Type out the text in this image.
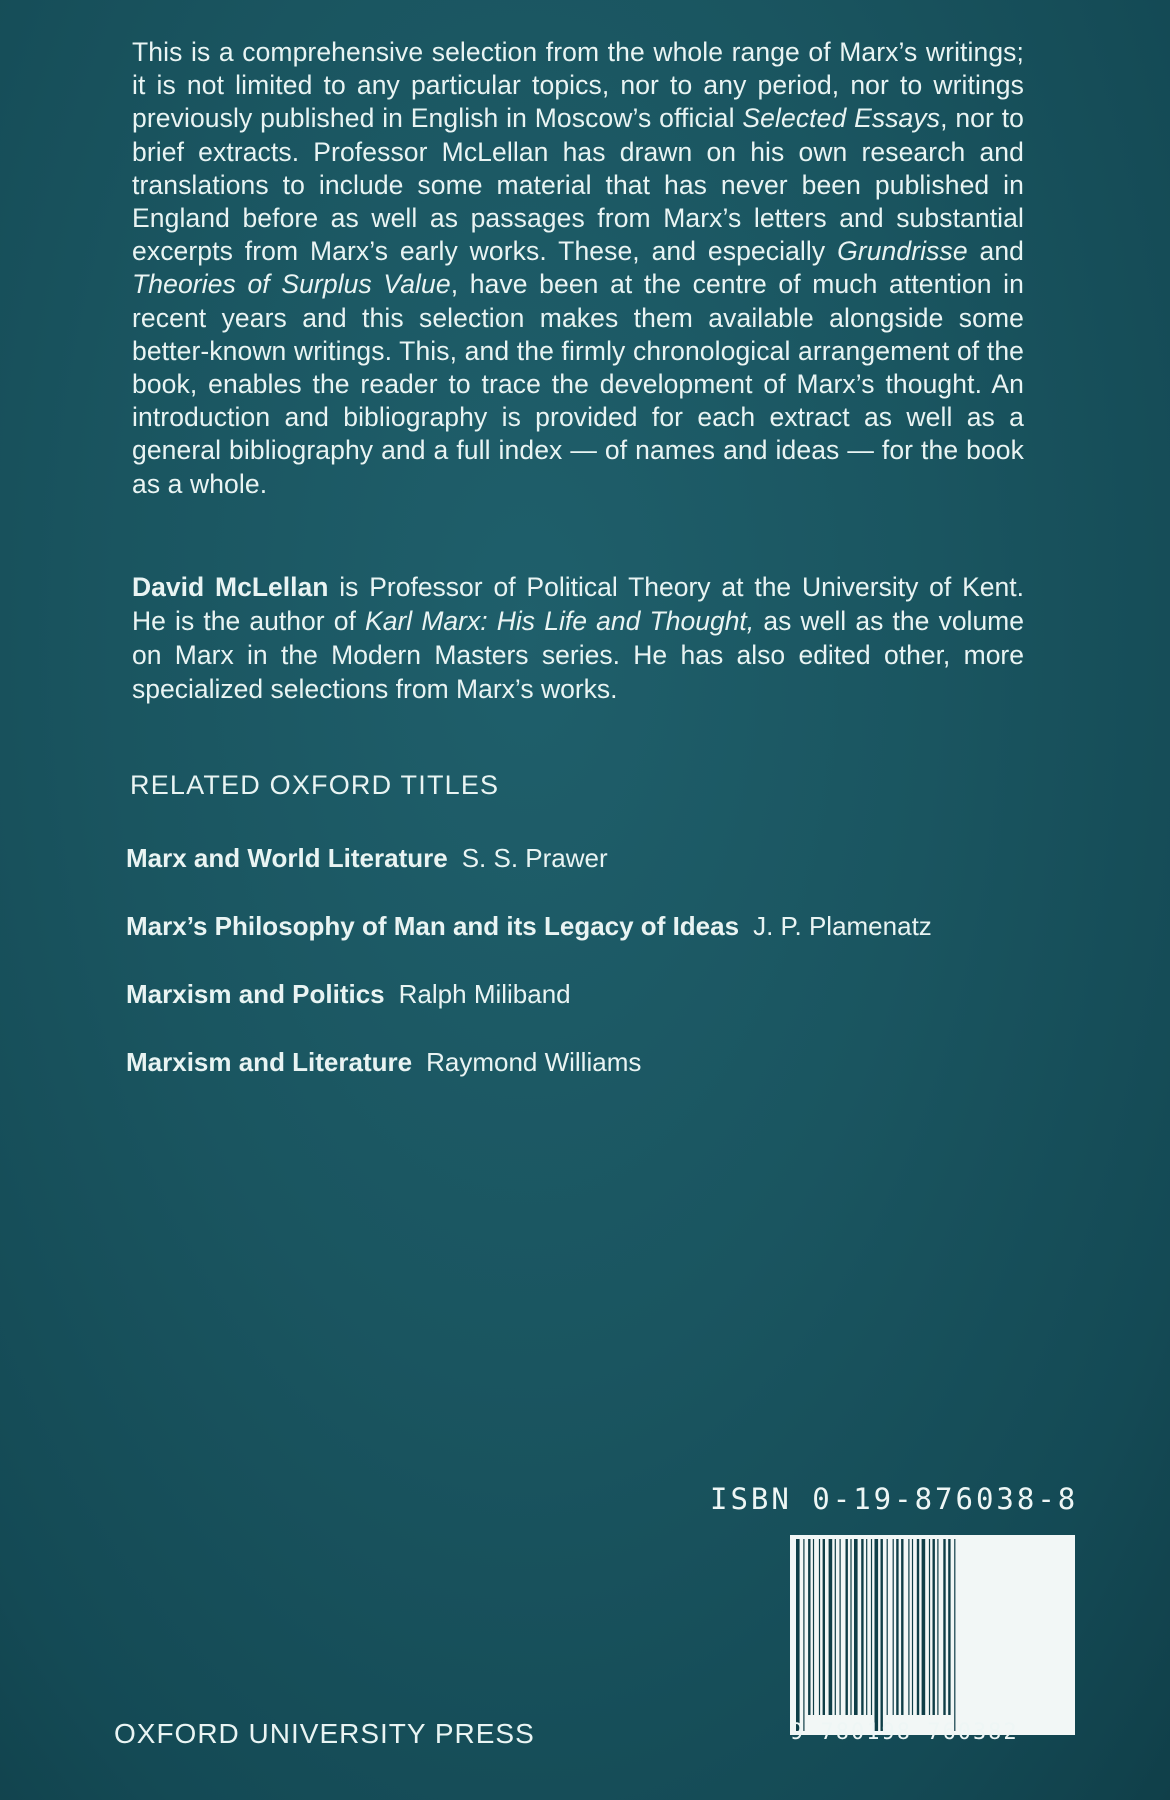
This is a comprehensive selection from the whole range of Marx’s writings; it is not limited to any particular topics, nor to any period, nor to writings previously published in English in Moscow’s official Selected Essays, nor to brief extracts. Professor McLellan has drawn on his own research and translations to include some material that has never been published in England before as well as passages from Marx’s letters and substantial excerpts from Marx’s early works. These, and especially Grundrisse and Theories of Surplus Value, have been at the centre of much attention in recent years and this selection makes them available alongside some better-known writings. This, and the firmly chronological arrangement of the book, enables the reader to trace the development of Marx’s thought. An introduction and bibliography is provided for each extract as well as a general bibliography and a full index — of names and ideas — for the book as a whole.

David McLellan is Professor of Political Theory at the University of Kent. He is the author of Karl Marx: His Life and Thought, as well as the volume on Marx in the Modern Masters series. He has also edited other, more specialized selections from Marx’s works.

RELATED OXFORD TITLES
Marx and World Literature S. S. Prawer
Marx’s Philosophy of Man and its Legacy of Ideas J. P. Plamenatz
Marxism and Politics Ralph Miliband
Marxism and Literature Raymond Williams
ISBN 0-19-876038-8
9 780198 760382
OXFORD UNIVERSITY PRESS
